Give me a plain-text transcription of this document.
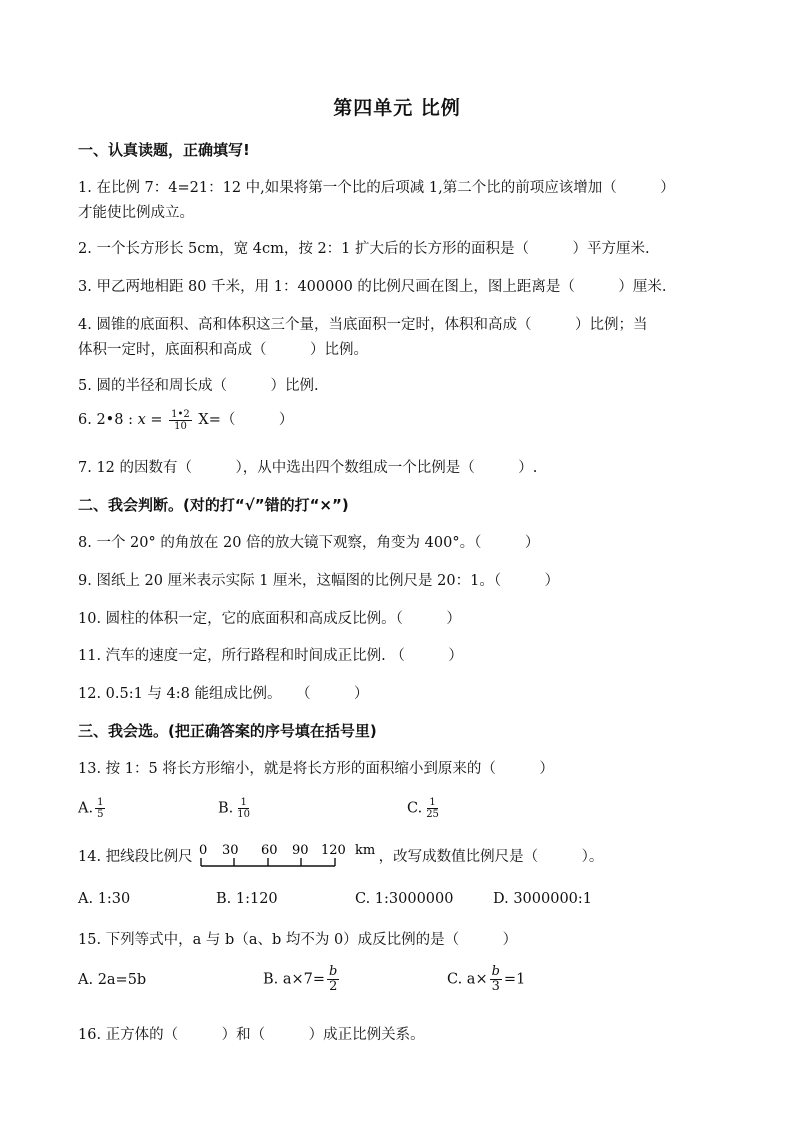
第四单元 比例
一、认真读题，正确填写!
1. 在比例 7：4=21：12 中,如果将第一个比的后项减 1,第二个比的前项应该增加（　　　）
才能使比例成立。
2. 一个长方形长 5cm，宽 4cm，按 2：1 扩大后的长方形的面积是（　　　）平方厘米.
3. 甲乙两地相距 80 千米，用 1：400000 的比例尺画在图上，图上距离是（　　　）厘米.
4. 圆锥的底面积、高和体积这三个量，当底面积一定时，体积和高成（　　　）比例；当
体积一定时，底面积和高成（　　　）比例。
5. 圆的半径和周长成（　　　）比例.
6. 2•8 : $x = \frac{1•2}{10} X=$（　　　）
7. 12 的因数有（　　　），从中选出四个数组成一个比例是（　　　）.
二、我会判断。(对的打“√”错的打“×”)
8. 一个 20° 的角放在 20 倍的放大镜下观察，角变为 400°。（　　　）
9. 图纸上 20 厘米表示实际 1 厘米，这幅图的比例尺是 20：1。（　　　）
10. 圆柱的体积一定，它的底面积和高成反比例。（　　　）
11. 汽车的速度一定，所行路程和时间成正比例. （　　　）
12. 0.5:1 与 4:8 能组成比例。　　（　　　）
三、我会选。(把正确答案的序号填在括号里)
13. 按 1：5 将长方形缩小，就是将长方形的面积缩小到原来的（　　　）
A. $\frac{1}{5}$	B. $\frac{1}{10}$	C. $\frac{1}{25}$
14. 把线段比例尺 0 30 60 90 120 km ，改写成数值比例尺是（　　　）。
A. 1:30	B. 1:120	C. 1:3000000	D. 3000000:1
15. 下列等式中，a 与 b（a、b 均不为 0）成反比例的是（　　　）
A. 2a=5b	B. $a\times 7= \frac{b}{2}$	C. $a\times \frac{b}{3} =1$
16. 正方体的（　　　）和（　　　）成正比例关系。
